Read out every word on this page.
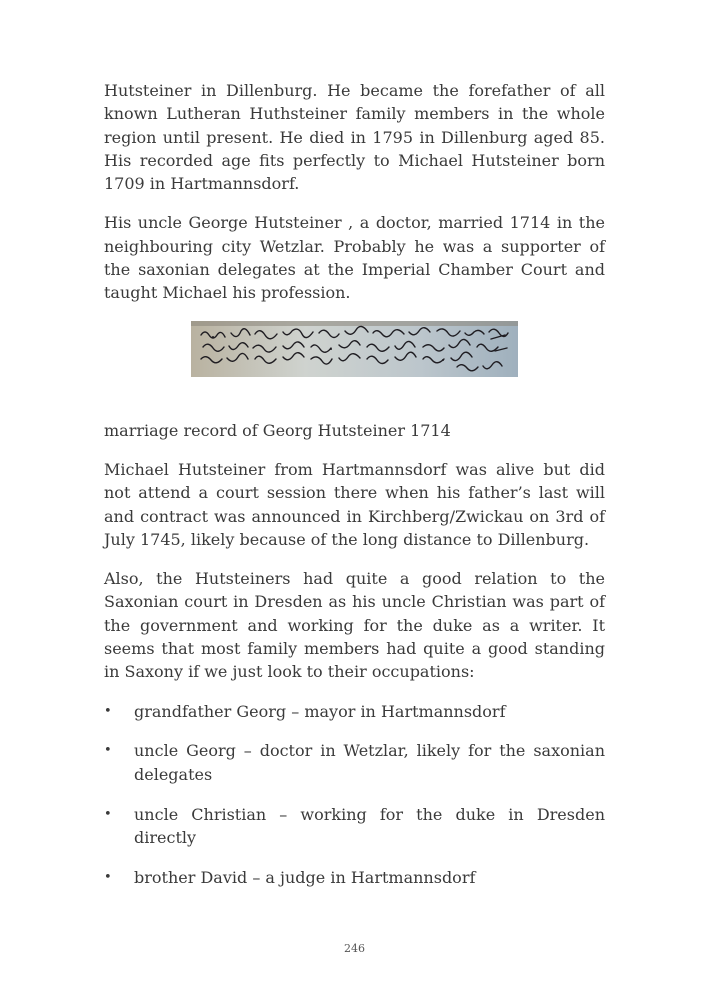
Hutsteiner in Dillenburg. He became the forefather of all known Lutheran Huthsteiner family members in the whole region until present. He died in 1795 in Dillenburg aged 85. His recorded age fits perfectly to Michael Hutsteiner born 1709 in Hartmannsdorf.

His uncle George Hutsteiner , a doctor, married 1714 in the neighbouring city Wetzlar. Probably he was a supporter of the saxonian delegates at the Imperial Chamber Court and taught Michael his profession.

marriage record of Georg Hutsteiner 1714

Michael Hutsteiner from Hartmannsdorf was alive but did not attend a court session there when his father’s last will and contract was announced in Kirchberg/Zwickau on 3rd of July 1745, likely because of the long distance to Dillenburg.

Also, the Hutsteiners had quite a good relation to the Saxonian court in Dresden as his uncle Christian was part of the government and working for the duke as a writer. It seems that most family members had quite a good standing in Saxony if we just look to their occupations:

• grandfather Georg – mayor in Hartmannsdorf
• uncle Georg – doctor in Wetzlar, likely for the saxonian delegates
• uncle Christian – working for the duke in Dresden directly
• brother David – a judge in Hartmannsdorf
246
